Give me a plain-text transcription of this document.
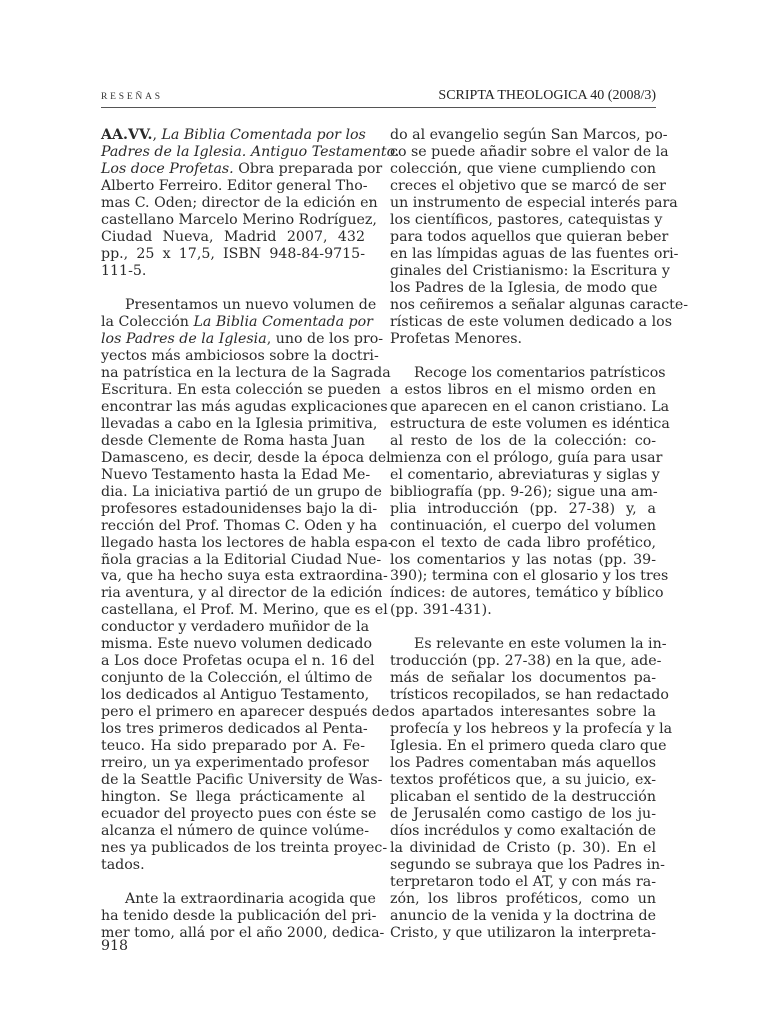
RESEÑAS	SCRIPTA THEOLOGICA 40 (2008/3)
AA.VV., La Biblia Comentada por los
Padres de la Iglesia. Antiguo Testamento.
Los doce Profetas. Obra preparada por
Alberto Ferreiro. Editor general Tho-
mas C. Oden; director de la edición en
castellano Marcelo Merino Rodríguez,
Ciudad Nueva, Madrid 2007, 432
pp., 25 x 17,5, ISBN 948-84-9715-
111-5.
Presentamos un nuevo volumen de
la Colección La Biblia Comentada por
los Padres de la Iglesia, uno de los pro-
yectos más ambiciosos sobre la doctri-
na patrística en la lectura de la Sagrada
Escritura. En esta colección se pueden
encontrar las más agudas explicaciones
llevadas a cabo en la Iglesia primitiva,
desde Clemente de Roma hasta Juan
Damasceno, es decir, desde la época del
Nuevo Testamento hasta la Edad Me-
dia. La iniciativa partió de un grupo de
profesores estadounidenses bajo la di-
rección del Prof. Thomas C. Oden y ha
llegado hasta los lectores de habla espa-
ñola gracias a la Editorial Ciudad Nue-
va, que ha hecho suya esta extraordina-
ria aventura, y al director de la edición
castellana, el Prof. M. Merino, que es el
conductor y verdadero muñidor de la
misma. Este nuevo volumen dedicado
a Los doce Profetas ocupa el n. 16 del
conjunto de la Colección, el último de
los dedicados al Antiguo Testamento,
pero el primero en aparecer después de
los tres primeros dedicados al Penta-
teuco. Ha sido preparado por A. Fe-
rreiro, un ya experimentado profesor
de la Seattle Pacific University de Was-
hington. Se llega prácticamente al
ecuador del proyecto pues con éste se
alcanza el número de quince volúme-
nes ya publicados de los treinta proyec-
tados.
Ante la extraordinaria acogida que
ha tenido desde la publicación del pri-
mer tomo, allá por el año 2000, dedica-
do al evangelio según San Marcos, po-
co se puede añadir sobre el valor de la
colección, que viene cumpliendo con
creces el objetivo que se marcó de ser
un instrumento de especial interés para
los científicos, pastores, catequistas y
para todos aquellos que quieran beber
en las límpidas aguas de las fuentes ori-
ginales del Cristianismo: la Escritura y
los Padres de la Iglesia, de modo que
nos ceñiremos a señalar algunas caracte-
rísticas de este volumen dedicado a los
Profetas Menores.
Recoge los comentarios patrísticos
a estos libros en el mismo orden en
que aparecen en el canon cristiano. La
estructura de este volumen es idéntica
al resto de los de la colección: co-
mienza con el prólogo, guía para usar
el comentario, abreviaturas y siglas y
bibliografía (pp. 9-26); sigue una am-
plia introducción (pp. 27-38) y, a
continuación, el cuerpo del volumen
con el texto de cada libro profético,
los comentarios y las notas (pp. 39-
390); termina con el glosario y los tres
índices: de autores, temático y bíblico
(pp. 391-431).
Es relevante en este volumen la in-
troducción (pp. 27-38) en la que, ade-
más de señalar los documentos pa-
trísticos recopilados, se han redactado
dos apartados interesantes sobre la
profecía y los hebreos y la profecía y la
Iglesia. En el primero queda claro que
los Padres comentaban más aquellos
textos proféticos que, a su juicio, ex-
plicaban el sentido de la destrucción
de Jerusalén como castigo de los ju-
díos incrédulos y como exaltación de
la divinidad de Cristo (p. 30). En el
segundo se subraya que los Padres in-
terpretaron todo el AT, y con más ra-
zón, los libros proféticos, como un
anuncio de la venida y la doctrina de
Cristo, y que utilizaron la interpreta-
918
